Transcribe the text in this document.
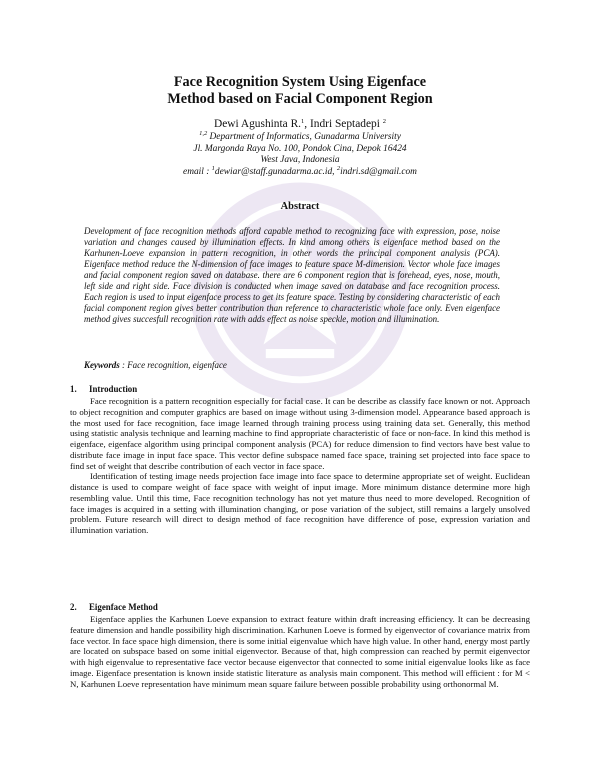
Face Recognition System Using Eigenface
Method based on Facial Component Region
Dewi Agushinta R.$^1$, Indri Septadepi $^2$
$^{1,2}$ Department of Informatics, Gunadarma University
Jl. Margonda Raya No. 100, Pondok Cina, Depok 16424
West Java, Indonesia
email : $^1$dewiar@staff.gunadarma.ac.id, $^2$indri.sd@gmail.com
Abstract
Development of face recognition methods afford capable method to recognizing face with expression, pose, noise variation and changes caused by illumination effects. In kind among others is eigenface method based on the Karhunen-Loeve expansion in pattern recognition, in other words the principal component analysis (PCA). Eigenface method reduce the N-dimension of face images to feature space M-dimension. Vector whole face images and facial component region saved on database. there are 6 component region that is forehead, eyes, nose, mouth, left side and right side. Face division is conducted when image saved on database and face recognition process. Each region is used to input eigenface process to get its feature space. Testing by considering characteristic of each facial component region gives better contribution than reference to characteristic whole face only. Even eigenface method gives succesfull recognition rate with adds effect as noise speckle, motion and illumination.
Keywords : Face recognition, eigenface
1. Introduction

Face recognition is a pattern recognition especially for facial case. It can be describe as classify face known or not. Approach to object recognition and computer graphics are based on image without using 3-dimension model. Appearance based approach is the most used for face recognition, face image learned through training process using training data set. Generally, this method using statistic analysis technique and learning machine to find appropriate characteristic of face or non-face. In kind this method is eigenface, eigenface algorithm using principal component analysis (PCA) for reduce dimension to find vectors have best value to distribute face image in input face space. This vector define subspace named face space, training set projected into face space to find set of weight that describe contribution of each vector in face space.

Identification of testing image needs projection face image into face space to determine appropriate set of weight. Euclidean distance is used to compare weight of face space with weight of input image. More minimum distance determine more high resembling value. Until this time, Face recognition technology has not yet mature thus need to more developed. Recognition of face images is acquired in a setting with illumination changing, or pose variation of the subject, still remains a largely unsolved problem. Future research will direct to design method of face recognition have difference of pose, expression variation and illumination variation.

2. Eigenface Method

Eigenface applies the Karhunen Loeve expansion to extract feature within draft increasing efficiency. It can be decreasing feature dimension and handle possibility high discrimination. Karhunen Loeve is formed by eigenvector of covariance matrix from face vector. In face space high dimension, there is some initial eigenvalue which have high value. In other hand, energy most partly are located on subspace based on some initial eigenvector. Because of that, high compression can reached by permit eigenvector with high eigenvalue to representative face vector because eigenvector that connected to some initial eigenvalue looks like as face image. Eigenface presentation is known inside statistic literature as analysis main component. This method will efficient : for M < N, Karhunen Loeve representation have minimum mean square failure between possible probability using orthonormal M.
